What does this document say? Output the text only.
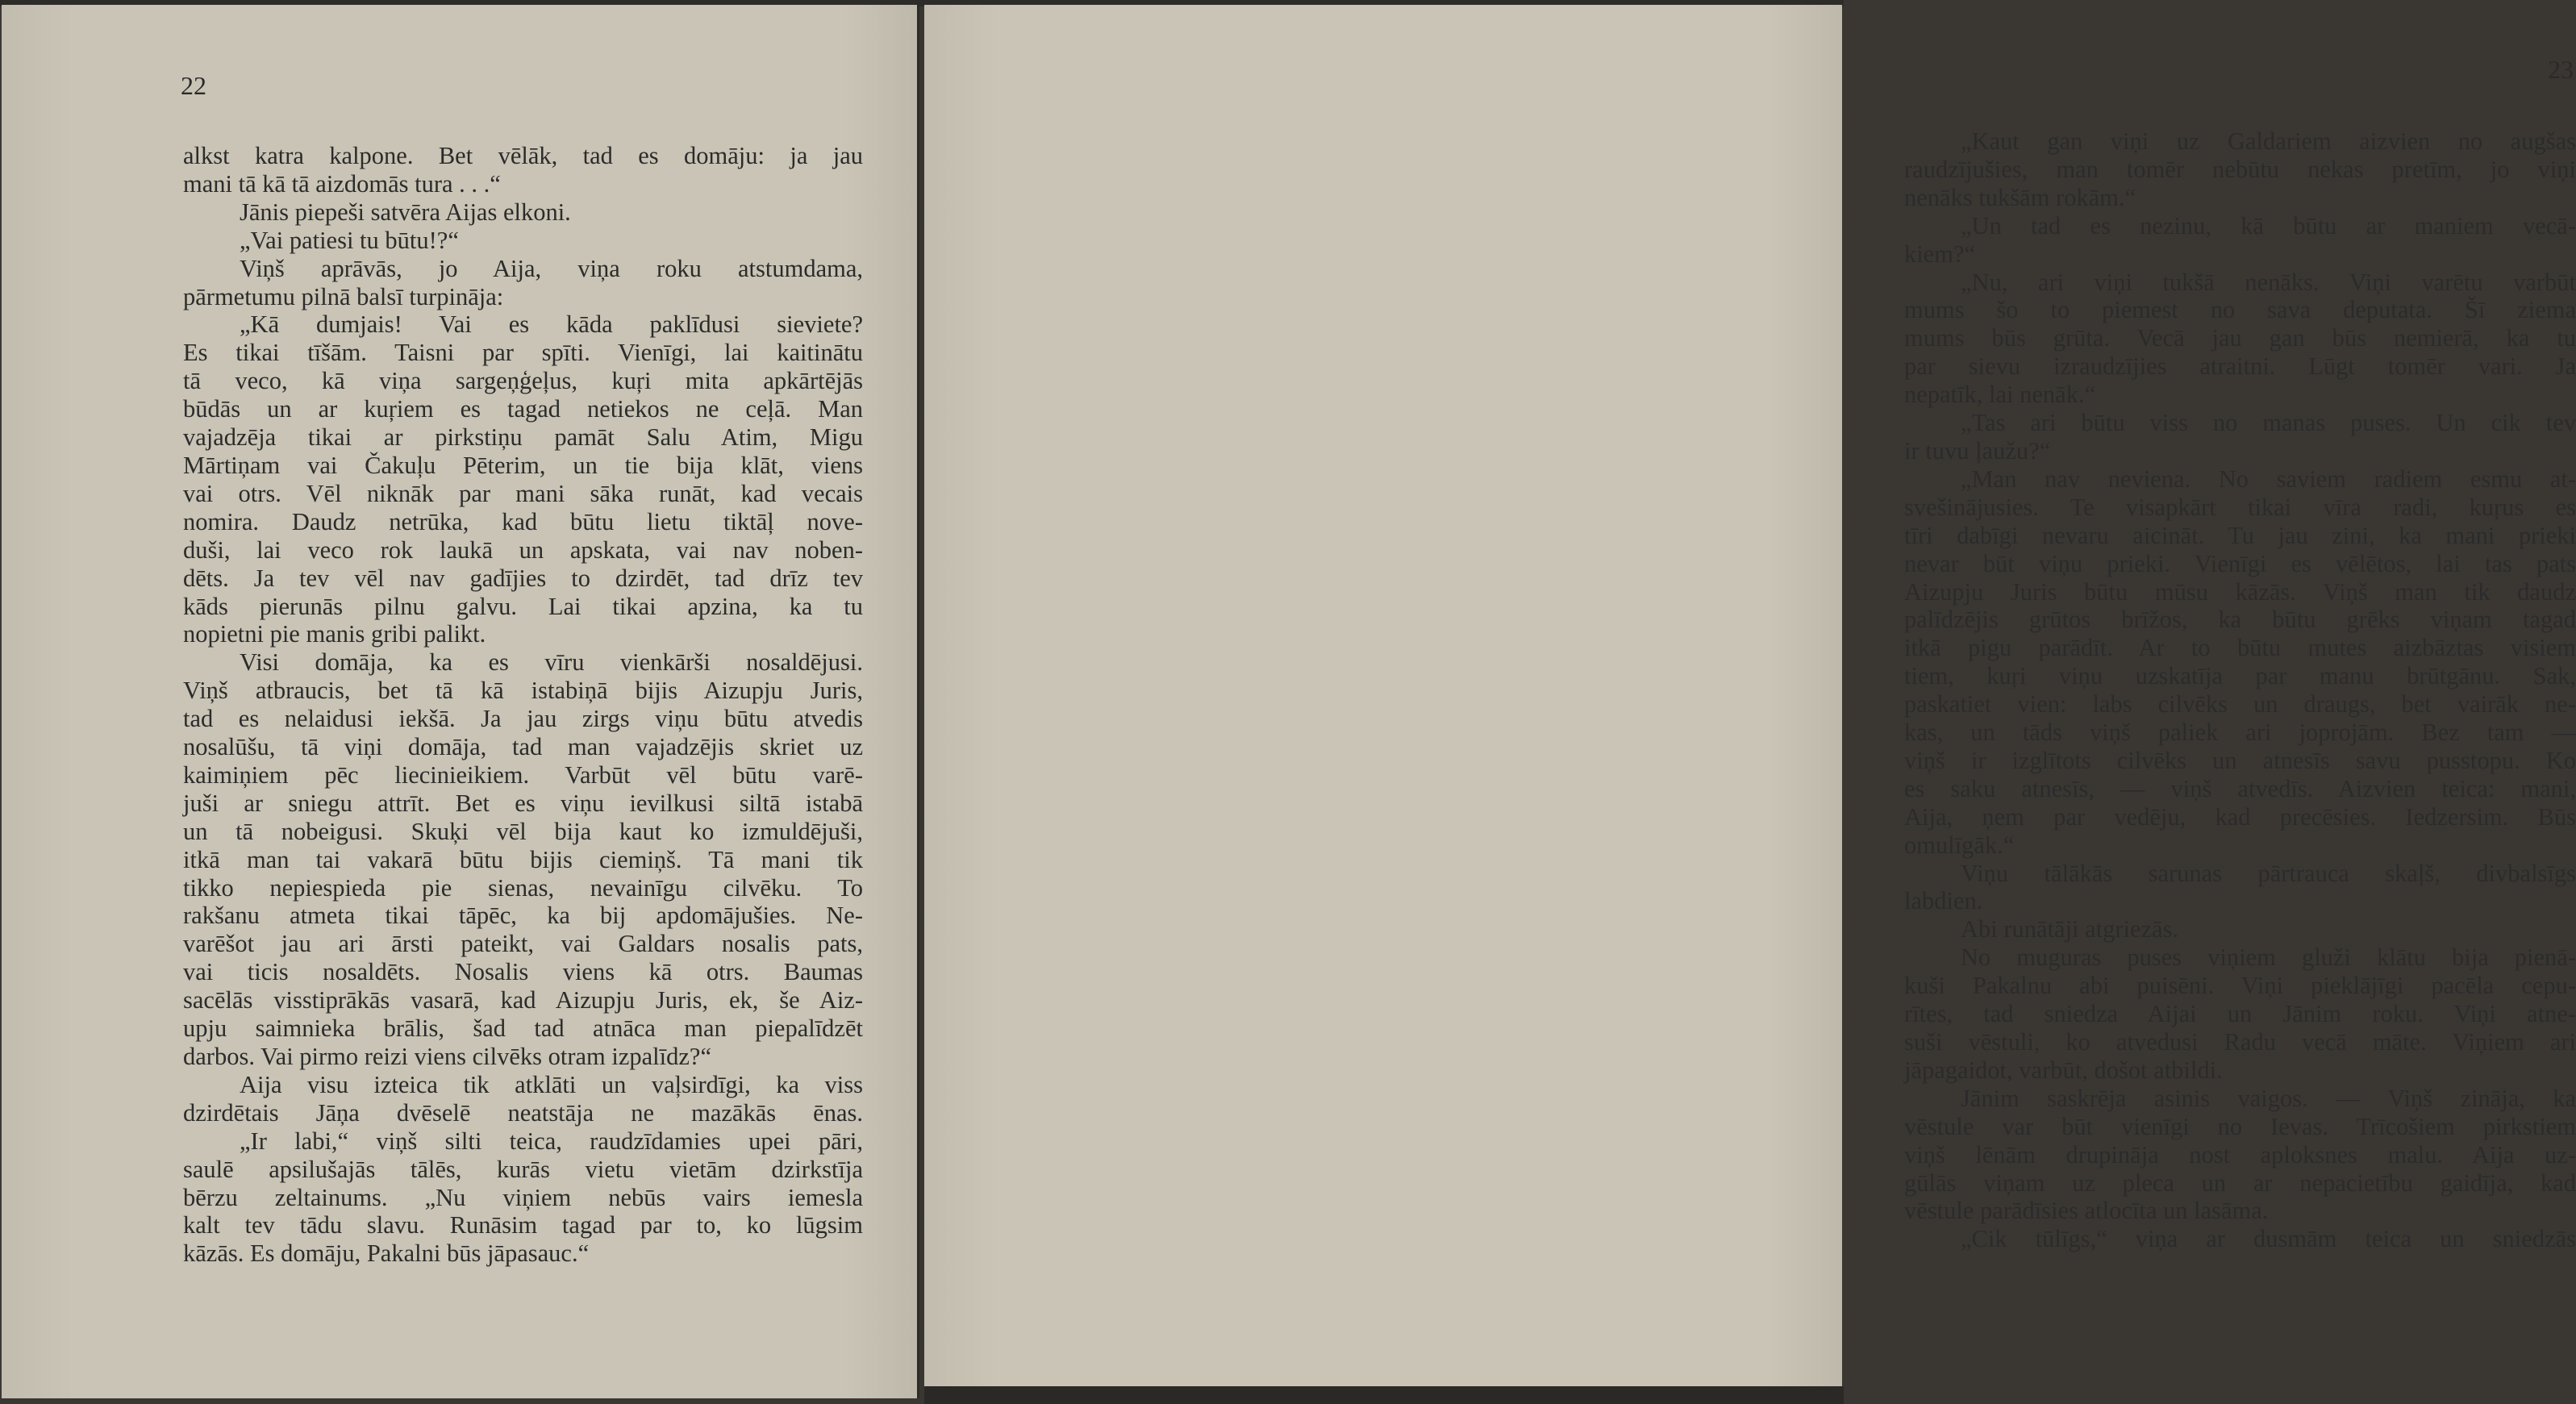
22
alkst katra kalpone. Bet vēlāk, tad es domāju: ja jau
mani tā kā tā aizdomās tura . . .“
Jānis piepeši satvēra Aijas elkoni.
„Vai patiesi tu būtu!?“
Viņš aprāvās, jo Aija, viņa roku atstumdama,
pārmetumu pilnā balsī turpināja:
„Kā dumjais! Vai es kāda paklīdusi sieviete?
Es tikai tīšām. Taisni par spīti. Vienīgi, lai kaitinātu
tā veco, kā viņa sargeņģeļus, kuŗi mita apkārtējās
būdās un ar kuŗiem es tagad netiekos ne ceļā. Man
vajadzēja tikai ar pirkstiņu pamāt Salu Atim, Migu
Mārtiņam vai Čakuļu Pēterim, un tie bija klāt, viens
vai otrs. Vēl niknāk par mani sāka runāt, kad vecais
nomira. Daudz netrūka, kad būtu lietu tiktāļ nove-
duši, lai veco rok laukā un apskata, vai nav noben-
dēts. Ja tev vēl nav gadījies to dzirdēt, tad drīz tev
kāds pierunās pilnu galvu. Lai tikai apzina, ka tu
nopietni pie manis gribi palikt.
Visi domāja, ka es vīru vienkārši nosaldējusi.
Viņš atbraucis, bet tā kā istabiņā bijis Aizupju Juris,
tad es nelaidusi iekšā. Ja jau zirgs viņu būtu atvedis
nosalūšu, tā viņi domāja, tad man vajadzējis skriet uz
kaimiņiem pēc liecinieikiem. Varbūt vēl būtu varē-
juši ar sniegu attrīt. Bet es viņu ievilkusi siltā istabā
un tā nobeigusi. Skuķi vēl bija kaut ko izmuldējuši,
itkā man tai vakarā būtu bijis ciemiņš. Tā mani tik
tikko nepiespieda pie sienas, nevainīgu cilvēku. To
rakšanu atmeta tikai tāpēc, ka bij apdomājušies. Ne-
varēšot jau ari ārsti pateikt, vai Galdars nosalis pats,
vai ticis nosaldēts. Nosalis viens kā otrs. Baumas
sacēlās visstiprākās vasarā, kad Aizupju Juris, ek, še Aiz-
upju saimnieka brālis, šad tad atnāca man piepalīdzēt
darbos. Vai pirmo reizi viens cilvēks otram izpalīdz?“
Aija visu izteica tik atklāti un vaļsirdīgi, ka viss
dzirdētais Jāņa dvēselē neatstāja ne mazākās ēnas.
„Ir labi,“ viņš silti teica, raudzīdamies upei pāri,
saulē apsilušajās tālēs, kurās vietu vietām dzirkstīja
bērzu zeltainums. „Nu viņiem nebūs vairs iemesla
kalt tev tādu slavu. Runāsim tagad par to, ko lūgsim
kāzās. Es domāju, Pakalni būs jāpasauc.“
23
„Kaut gan viņi uz Galdariem aizvien no augšas
raudzījušies, man tomēr nebūtu nekas pretīm, jo viņi
nenāks tukšām rokām.“
„Un tad es nezinu, kā būtu ar maniem vecā-
kiem?“
„Nu, ari viņi tukšā nenāks. Viņi varētu varbūt
mums šo to piemest no sava deputata. Šī ziema
mums būs grūta. Vecā jau gan būs nemierā, ka tu
par sievu izraudzījies atraitni. Lūgt tomēr vari. Ja
nepatīk, lai nenāk.“
„Tas ari būtu viss no manas puses. Un cik tev
ir tuvu ļaužu?“
„Man nav neviena. No saviem radiem esmu at-
svešinājusies. Te visapkārt tikai vīra radi, kuŗus es
tīri dabīgi nevaru aicināt. Tu jau zini, ka mani prieki
nevar būt viņu prieki. Vienīgi es vēlētos, lai tas pats
Aizupju Juris būtu mūsu kāzās. Viņš man tik daudz
palīdzējis grūtos brīžos, ka būtu grēks viņam tagad
itkā pigu parādīt. Ar to būtu mutes aizbāztas visiem
tiem, kuŗi viņu uzskatīja par manu brūtgānu. Sak,
paskatiet vien: labs cilvēks un draugs, bet vairāk ne-
kas, un tāds viņš paliek ari joprojām. Bez tam —
viņš ir izglītots cilvēks un atnesīs savu pusstopu. Ko
es saku atnesīs, — viņš atvedīs. Aizvien teica: mani,
Aija, ņem par vedēju, kad precēsies. Iedzersim. Būs
omulīgāk.“
Viņu tālākās sarunas pārtrauca skaļš, divbalsīgs
labdien.
Abi runātāji atgriezās.
No muguras puses viņiem gluži klātu bija pienā-
kuši Pakalnu abi puisēni. Viņi pieklājīgi pacēla cepu-
rītes, tad sniedza Aijai un Jānim roku. Viņi atne-
suši vēstuli, ko atvedusi Radu vecā māte. Viņiem ari
jāpagaidot, varbūt, došot atbildi.
Jānim saskrēja asinis vaigos. — Viņš zināja, ka
vēstule var būt vienīgi no Ievas. Trīcošiem pirkstiem
viņš lēnām drupināja nost aploksnes malu. Aija uz-
gūlās viņam uz pleca un ar nepacietību gaidīja, kad
vēstule parādīsies atlocīta un lasāma.
„Cik tūlīgs,“ viņa ar dusmām teica un sniedzās
